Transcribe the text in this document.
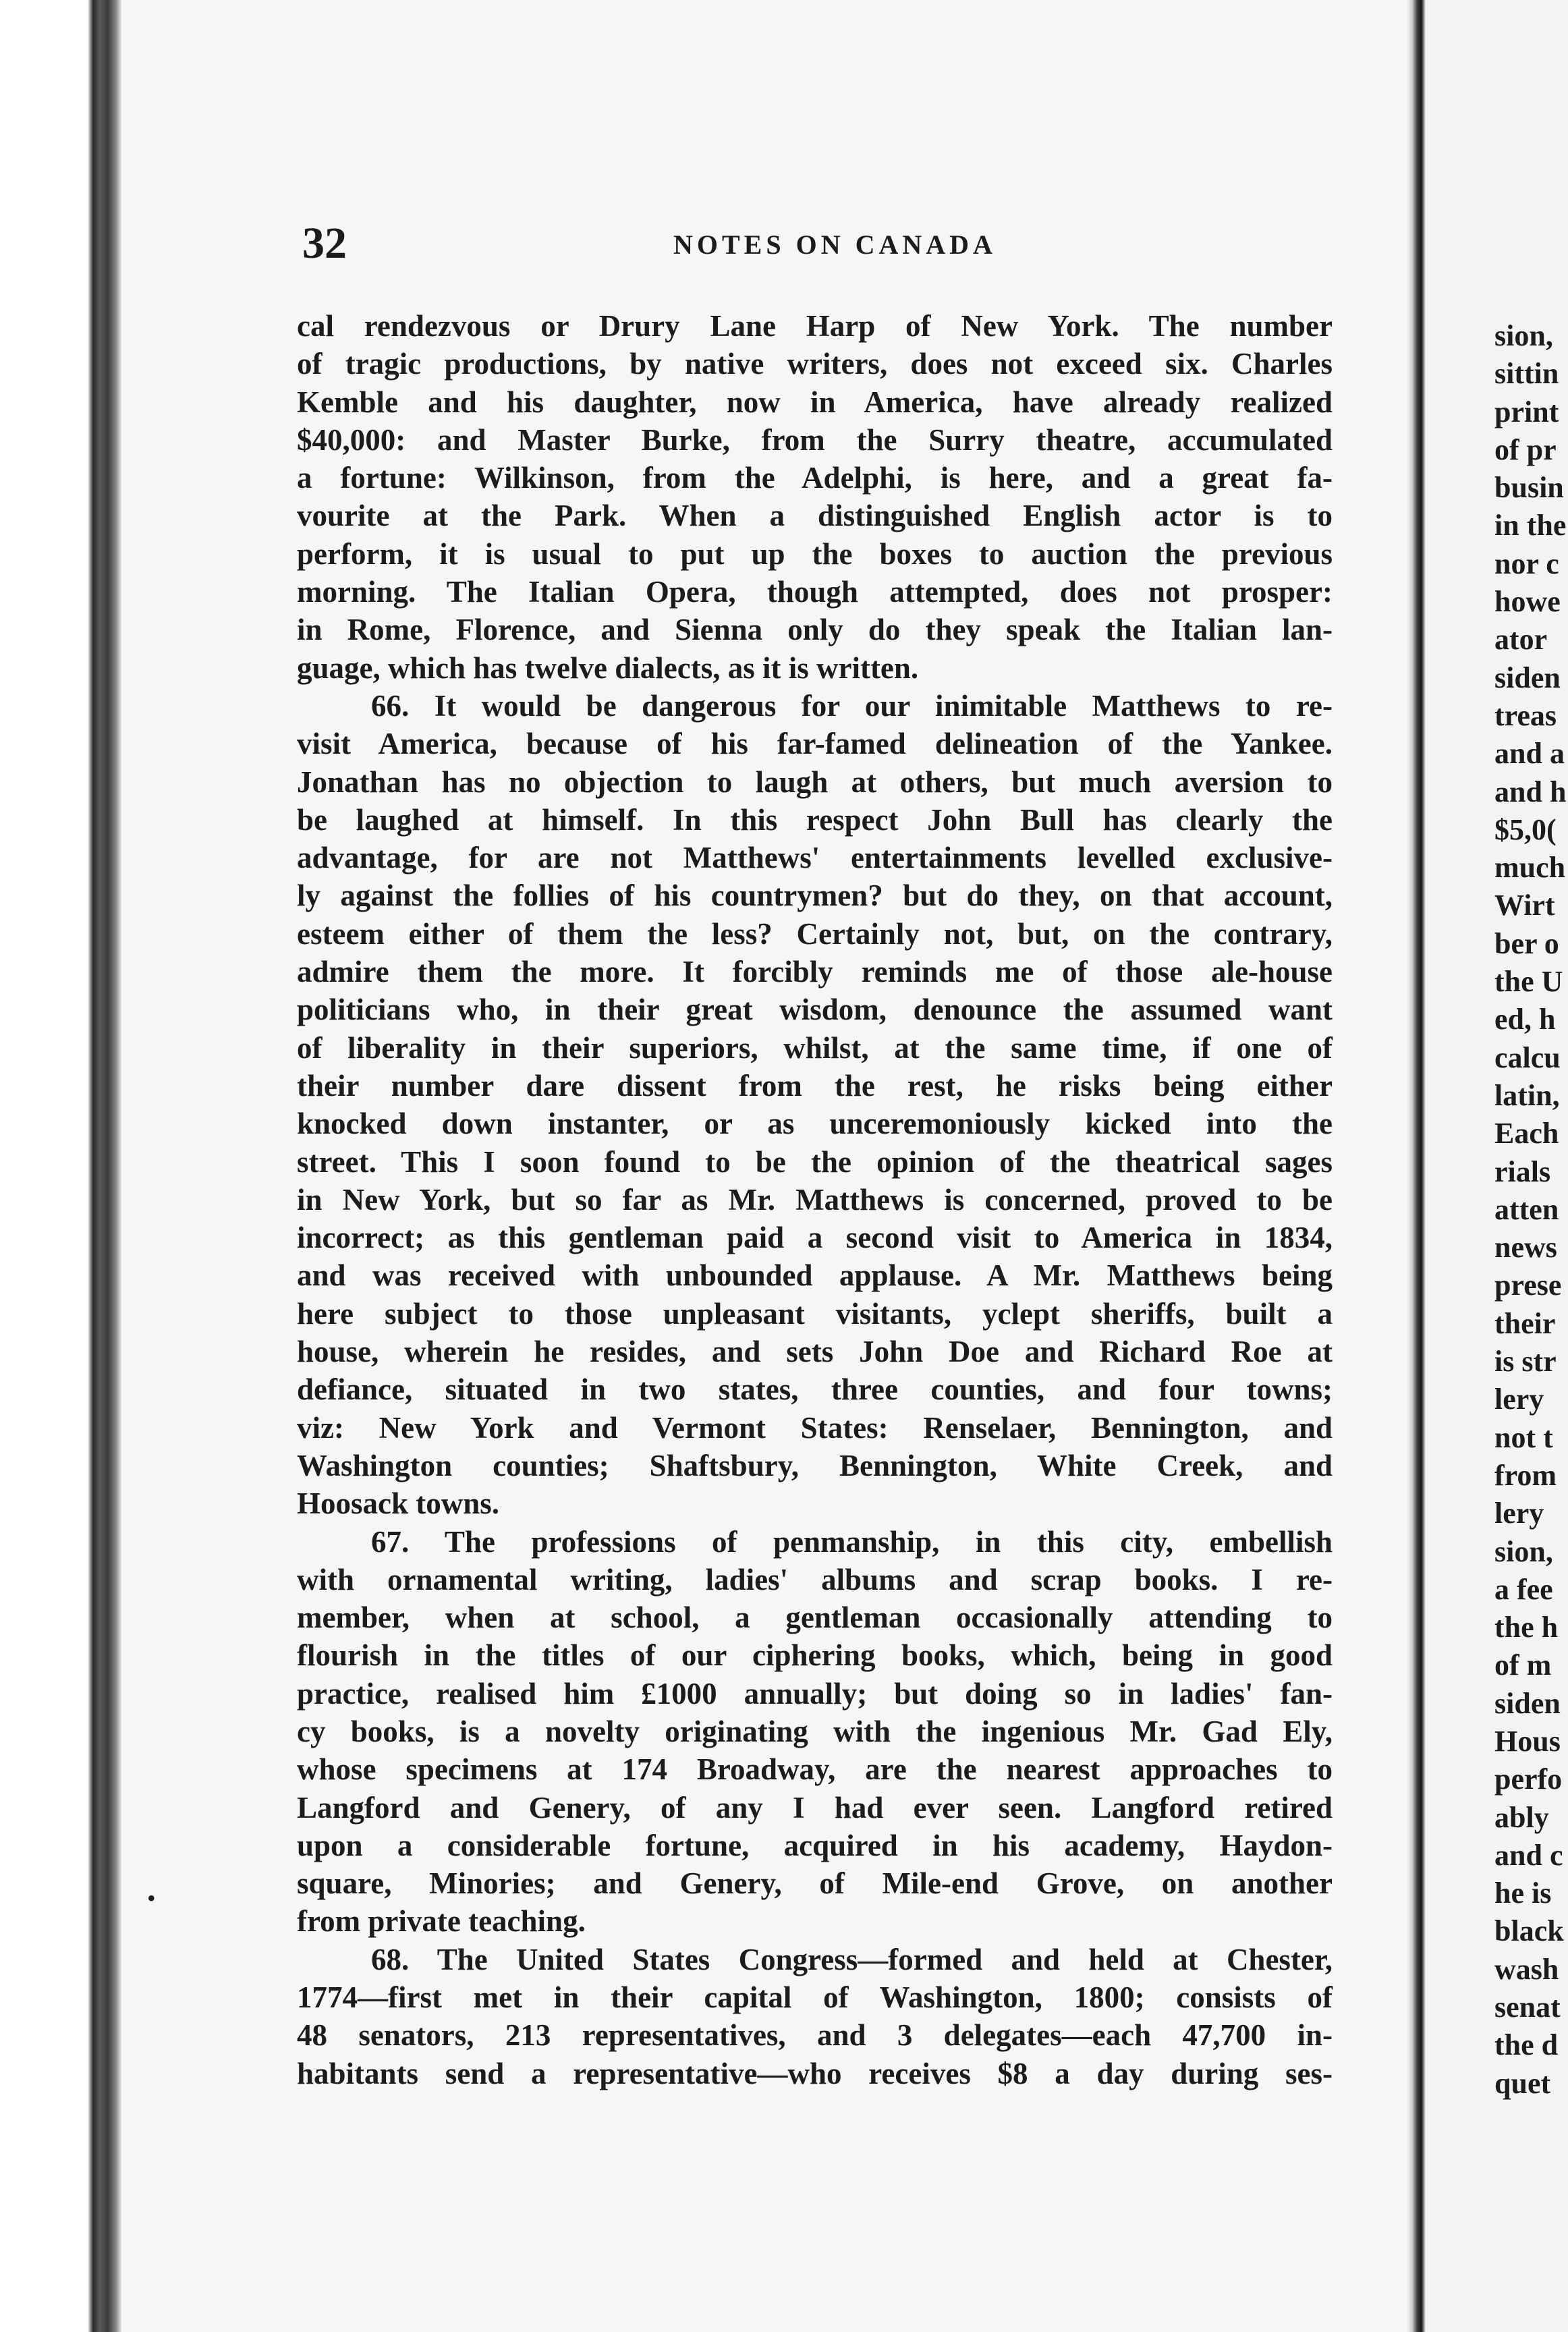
32	NOTES ON CANADA
cal rendezvous or Drury Lane Harp of New York. The number
of tragic productions, by native writers, does not exceed six. Charles
Kemble and his daughter, now in America, have already realized
$40,000: and Master Burke, from the Surry theatre, accumulated
a fortune: Wilkinson, from the Adelphi, is here, and a great fa-
vourite at the Park. When a distinguished English actor is to
perform, it is usual to put up the boxes to auction the previous
morning. The Italian Opera, though attempted, does not prosper:
in Rome, Florence, and Sienna only do they speak the Italian lan-
guage, which has twelve dialects, as it is written.
66. It would be dangerous for our inimitable Matthews to re-
visit America, because of his far-famed delineation of the Yankee.
Jonathan has no objection to laugh at others, but much aversion to
be laughed at himself. In this respect John Bull has clearly the
advantage, for are not Matthews' entertainments levelled exclusive-
ly against the follies of his countrymen? but do they, on that account,
esteem either of them the less? Certainly not, but, on the contrary,
admire them the more. It forcibly reminds me of those ale-house
politicians who, in their great wisdom, denounce the assumed want
of liberality in their superiors, whilst, at the same time, if one of
their number dare dissent from the rest, he risks being either
knocked down instanter, or as unceremoniously kicked into the
street. This I soon found to be the opinion of the theatrical sages
in New York, but so far as Mr. Matthews is concerned, proved to be
incorrect; as this gentleman paid a second visit to America in 1834,
and was received with unbounded applause. A Mr. Matthews being
here subject to those unpleasant visitants, yclept sheriffs, built a
house, wherein he resides, and sets John Doe and Richard Roe at
defiance, situated in two states, three counties, and four towns;
viz: New York and Vermont States: Renselaer, Bennington, and
Washington counties; Shaftsbury, Bennington, White Creek, and
Hoosack towns.
67. The professions of penmanship, in this city, embellish
with ornamental writing, ladies' albums and scrap books. I re-
member, when at school, a gentleman occasionally attending to
flourish in the titles of our ciphering books, which, being in good
practice, realised him £1000 annually; but doing so in ladies' fan-
cy books, is a novelty originating with the ingenious Mr. Gad Ely,
whose specimens at 174 Broadway, are the nearest approaches to
Langford and Genery, of any I had ever seen. Langford retired
upon a considerable fortune, acquired in his academy, Haydon-
square, Minories; and Genery, of Mile-end Grove, on another
from private teaching.
68. The United States Congress—formed and held at Chester,
1774—first met in their capital of Washington, 1800; consists of
48 senators, 213 representatives, and 3 delegates—each 47,700 in-
habitants send a representative—who receives $8 a day during ses-
sion,
sittin
print
of pr
busin
in the
nor c
howe
ator
siden
treas
and a
and h
$5,0(
much
Wirt
ber o
the U
ed, h
calcu
latin,
Each
rials
atten
news
prese
their
is str
lery
not t
from
lery
sion,
a fee
the h
of m
siden
Hous
perfo
ably
and c
he is
black
wash
senat
the d
quet
•
